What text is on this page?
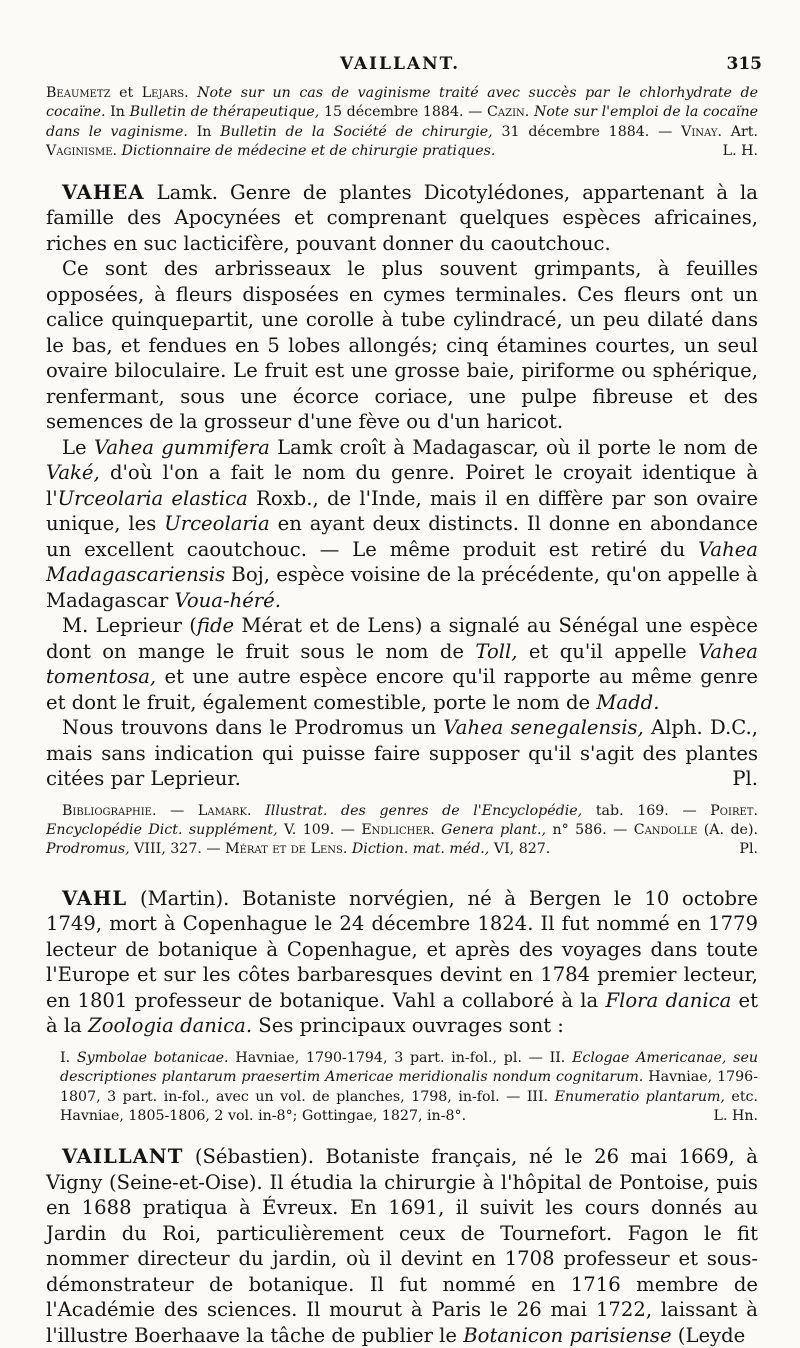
VAILLANT.	315

Beaumetz et Lejars. Note sur un cas de vaginisme traité avec succès par le chlorhydrate de cocaïne. In Bulletin de thérapeutique, 15 décembre 1884. — Cazin. Note sur l'emploi de la cocaïne dans le vaginisme. In Bulletin de la Société de chirurgie, 31 décembre 1884. — Vinay. Art. Vaginisme. Dictionnaire de médecine et de chirurgie pratiques.	L. H.

VAHEA Lamk. Genre de plantes Dicotylédones, appartenant à la famille des Apocynées et comprenant quelques espèces africaines, riches en suc lacticifère, pouvant donner du caoutchouc.

Ce sont des arbrisseaux le plus souvent grimpants, à feuilles opposées, à fleurs disposées en cymes terminales. Ces fleurs ont un calice quinquepartit, une corolle à tube cylindracé, un peu dilaté dans le bas, et fendues en 5 lobes allongés; cinq étamines courtes, un seul ovaire biloculaire. Le fruit est une grosse baie, piriforme ou sphérique, renfermant, sous une écorce coriace, une pulpe fibreuse et des semences de la grosseur d'une fève ou d'un haricot.

Le Vahea gummifera Lamk croît à Madagascar, où il porte le nom de Vaké, d'où l'on a fait le nom du genre. Poiret le croyait identique à l'Urceolaria elastica Roxb., de l'Inde, mais il en diffère par son ovaire unique, les Urceolaria en ayant deux distincts. Il donne en abondance un excellent caoutchouc. — Le même produit est retiré du Vahea Madagascariensis Boj, espèce voisine de la précédente, qu'on appelle à Madagascar Voua-héré.

M. Leprieur (fide Mérat et de Lens) a signalé au Sénégal une espèce dont on mange le fruit sous le nom de Toll, et qu'il appelle Vahea tomentosa, et une autre espèce encore qu'il rapporte au même genre et dont le fruit, également comestible, porte le nom de Madd.

Nous trouvons dans le Prodromus un Vahea senegalensis, Alph. D.C., mais sans indication qui puisse faire supposer qu'il s'agit des plantes citées par Leprieur.	Pl.

Bibliographie. — Lamark. Illustrat. des genres de l'Encyclopédie, tab. 169. — Poiret. Encyclopédie Dict. supplément, V. 109. — Endlicher. Genera plant., n° 586. — Candolle (A. de). Prodromus, VIII, 327. — Mérat et de Lens. Diction. mat. méd., VI, 827.	Pl.

VAHL (Martin). Botaniste norvégien, né à Bergen le 10 octobre 1749, mort à Copenhague le 24 décembre 1824. Il fut nommé en 1779 lecteur de botanique à Copenhague, et après des voyages dans toute l'Europe et sur les côtes barbaresques devint en 1784 premier lecteur, en 1801 professeur de botanique. Vahl a collaboré à la Flora danica et à la Zoologia danica. Ses principaux ouvrages sont :

I. Symbolae botanicae. Havniae, 1790-1794, 3 part. in-fol., pl. — II. Eclogae Americanae, seu descriptiones plantarum praesertim Americae meridionalis nondum cognitarum. Havniae, 1796-1807, 3 part. in-fol., avec un vol. de planches, 1798, in-fol. — III. Enumeratio plantarum, etc. Havniae, 1805-1806, 2 vol. in-8°; Gottingae, 1827, in-8°.	L. Hn.

VAILLANT (Sébastien). Botaniste français, né le 26 mai 1669, à Vigny (Seine-et-Oise). Il étudia la chirurgie à l'hôpital de Pontoise, puis en 1688 pratiqua à Évreux. En 1691, il suivit les cours donnés au Jardin du Roi, particulièrement ceux de Tournefort. Fagon le fit nommer directeur du jardin, où il devint en 1708 professeur et sous-démonstrateur de botanique. Il fut nommé en 1716 membre de l'Académie des sciences. Il mourut à Paris le 26 mai 1722, laissant à l'illustre Boerhaave la tâche de publier le Botanicon parisiense (Leyde
